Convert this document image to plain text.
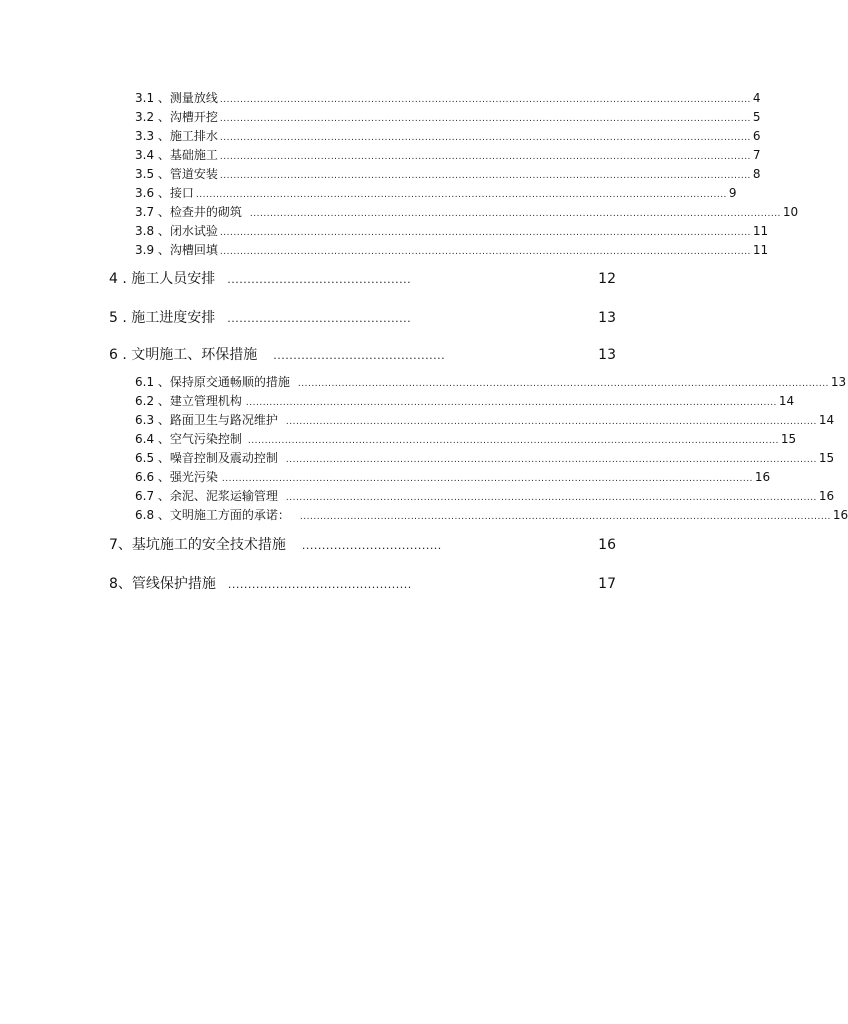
3.1 、测量放线 .............................................................................................................................................................. 4
3.2 、沟槽开挖 .............................................................................................................................................................. 5
3.3 、施工排水 .............................................................................................................................................................. 6
3.4 、基础施工 .............................................................................................................................................................. 7
3.5 、管道安装 .............................................................................................................................................................. 8
3.6 、接口 .............................................................................................................................................................. 9
3.7 、检查井的砌筑 .............................................................................................................................................................. 10
3.8 、闭水试验 .............................................................................................................................................................. 11
3.9 、沟槽回填 .............................................................................................................................................................. 11
4 . 施工人员安排 ..............................................	12
5 . 施工进度安排 ..............................................	13
6 . 文明施工、环保措施 ...........................................	13
6.1 、保持原交通畅顺的措施 .............................................................................................................................................................. 13
6.2 、建立管理机构 .............................................................................................................................................................. 14
6.3 、路面卫生与路况维护 .............................................................................................................................................................. 14
6.4 、空气污染控制 .............................................................................................................................................................. 15
6.5 、噪音控制及震动控制 .............................................................................................................................................................. 15
6.6 、强光污染 .............................................................................................................................................................. 16
6.7 、余泥、泥浆运输管理 .............................................................................................................................................................. 16
6.8 、文明施工方面的承诺： .............................................................................................................................................................. 16
7、基坑施工的安全技术措施 ...................................	16
8、管线保护措施 ..............................................	17
